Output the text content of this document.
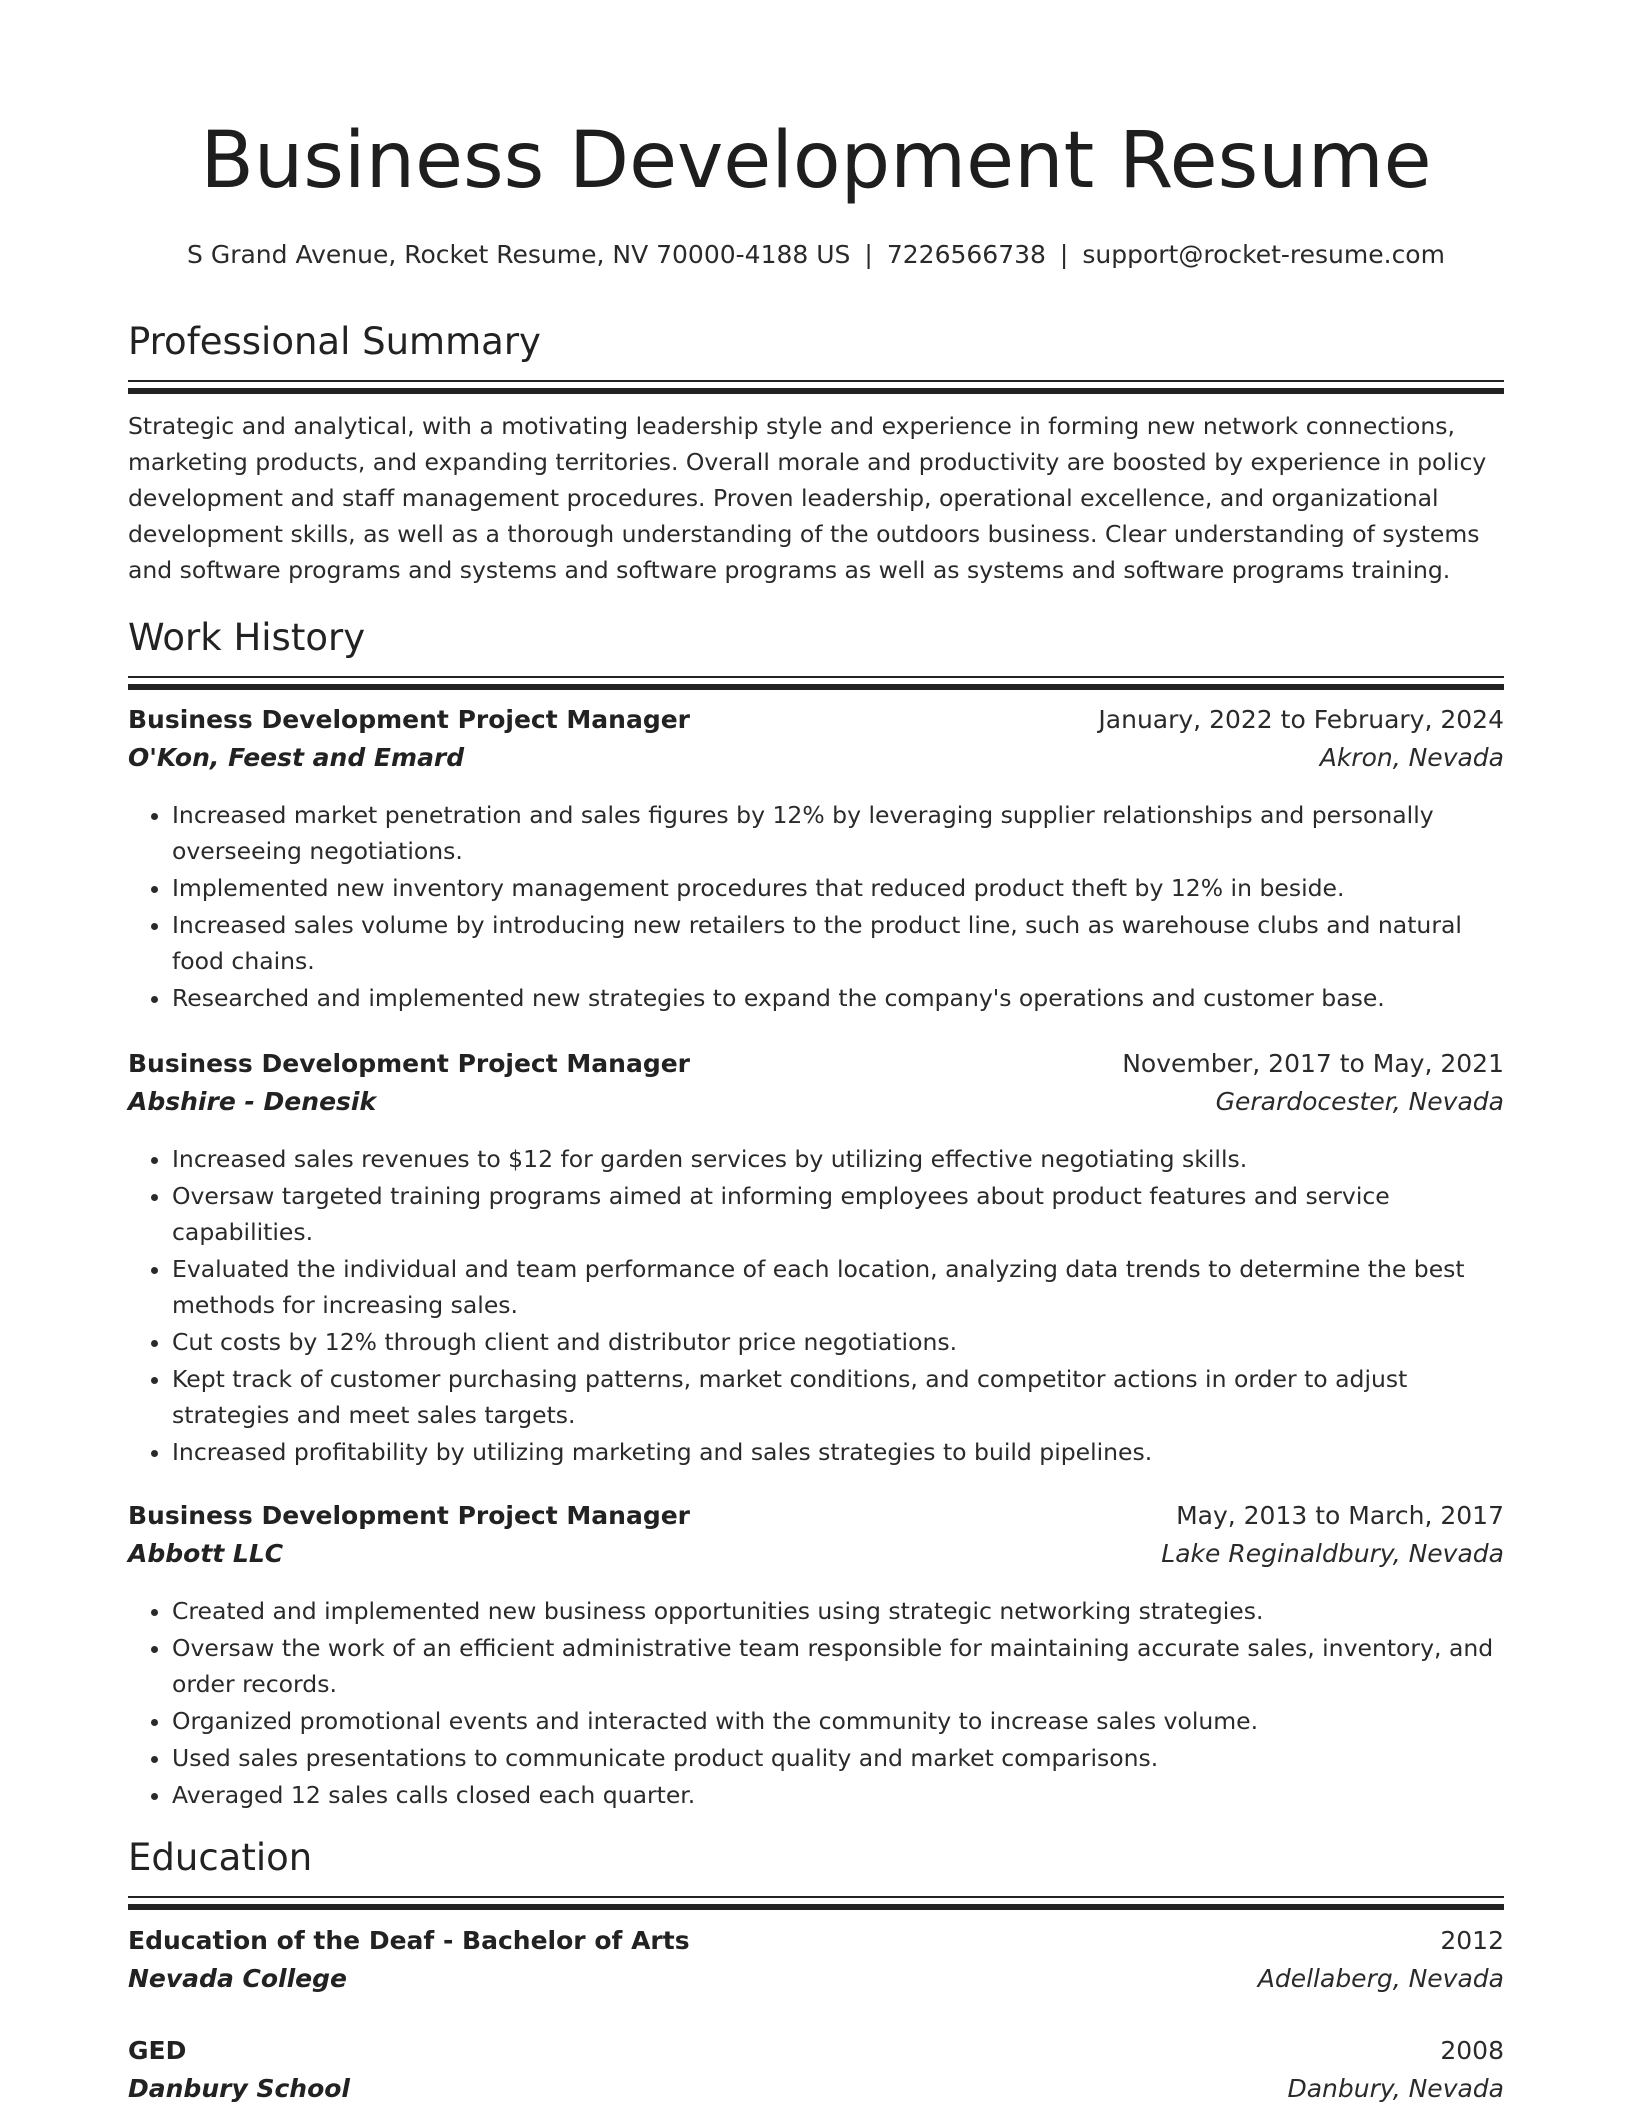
Business Development Resume
S Grand Avenue, Rocket Resume, NV 70000-4188 US | 7226566738 | support@rocket-resume.com
Professional Summary
Strategic and analytical, with a motivating leadership style and experience in forming new network connections, marketing products, and expanding territories. Overall morale and productivity are boosted by experience in policy development and staff management procedures. Proven leadership, operational excellence, and organizational development skills, as well as a thorough understanding of the outdoors business. Clear understanding of systems and software programs and systems and software programs as well as systems and software programs training.
Work History
Business Development Project Manager	January, 2022 to February, 2024
O'Kon, Feest and Emard	Akron, Nevada
• Increased market penetration and sales figures by 12% by leveraging supplier relationships and personally overseeing negotiations.
• Implemented new inventory management procedures that reduced product theft by 12% in beside.
• Increased sales volume by introducing new retailers to the product line, such as warehouse clubs and natural food chains.
• Researched and implemented new strategies to expand the company's operations and customer base.
Business Development Project Manager	November, 2017 to May, 2021
Abshire - Denesik	Gerardocester, Nevada
• Increased sales revenues to $12 for garden services by utilizing effective negotiating skills.
• Oversaw targeted training programs aimed at informing employees about product features and service capabilities.
• Evaluated the individual and team performance of each location, analyzing data trends to determine the best methods for increasing sales.
• Cut costs by 12% through client and distributor price negotiations.
• Kept track of customer purchasing patterns, market conditions, and competitor actions in order to adjust strategies and meet sales targets.
• Increased profitability by utilizing marketing and sales strategies to build pipelines.
Business Development Project Manager	May, 2013 to March, 2017
Abbott LLC	Lake Reginaldbury, Nevada
• Created and implemented new business opportunities using strategic networking strategies.
• Oversaw the work of an efficient administrative team responsible for maintaining accurate sales, inventory, and order records.
• Organized promotional events and interacted with the community to increase sales volume.
• Used sales presentations to communicate product quality and market comparisons.
• Averaged 12 sales calls closed each quarter.
Education
Education of the Deaf - Bachelor of Arts	2012
Nevada College	Adellaberg, Nevada
GED	2008
Danbury School	Danbury, Nevada
